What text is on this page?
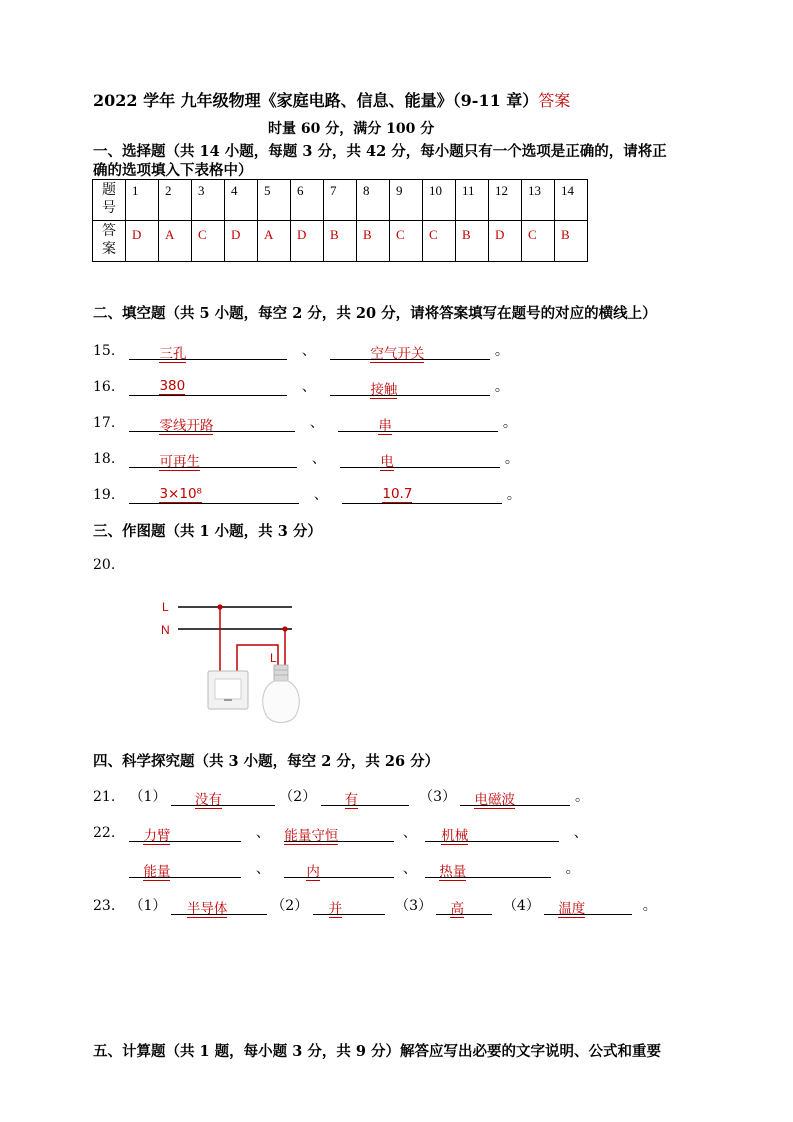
2022 学年 九年级物理《家庭电路、信息、能量》（9-11 章）答案
时量 60 分，满分 100 分
一、选择题（共 14 小题，每题 3 分，共 42 分，每小题只有一个选项是正确的，请将正
确的选项填入下表格中）
题号	1	2	3	4	5	6	7	8	9	10	11	12	13	14

答案	D	A	C	D	A	D	B	B	C	C	B	D	C	B
二、填空题（共 5 小题，每空 2 分，共 20 分，请将答案填写在题号的对应的横线上）
15.	三孔	、	空气开关	。
16.	380	、	接触	。
17.	零线开路	、	串	。
18.	可再生	、	电	。
19.	3×10⁸	、	10.7	。
三、作图题（共 1 小题，共 3 分）
20.
L
N
L
四、科学探究题（共 3 小题，每空 2 分，共 26 分）
21. （1） 没有	（2） 有	（3） 电磁波	。
22. 力臂	、 能量守恒	、 机械	、
能量	、	内	、 热量	。
23. （1） 半导体	（2） 并	（3） 高	（4） 温度	。
五、计算题（共 1 题，每小题 3 分，共 9 分）解答应写出必要的文字说明、公式和重要
